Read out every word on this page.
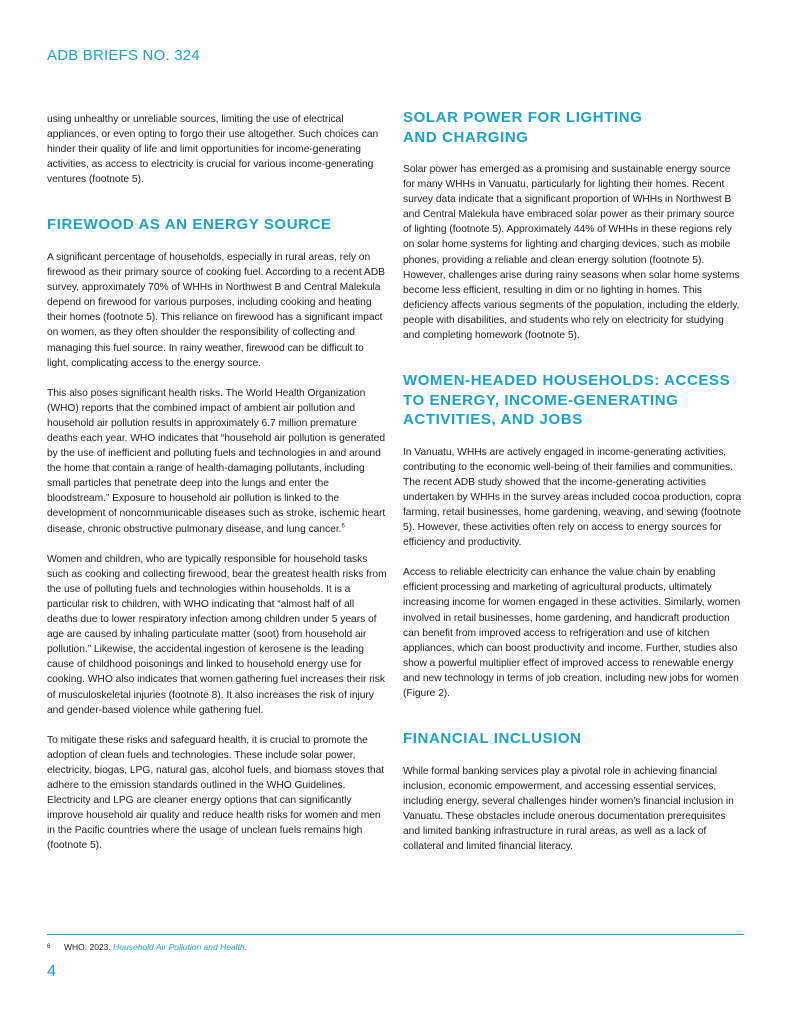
ADB BRIEFS NO. 324

using unhealthy or unreliable sources, limiting the use of electrical appliances, or even opting to forgo their use altogether. Such choices can hinder their quality of life and limit opportunities for income-generating activities, as access to electricity is crucial for various income-generating ventures (footnote 5).

FIREWOOD AS AN ENERGY SOURCE

A significant percentage of households, especially in rural areas, rely on firewood as their primary source of cooking fuel. According to a recent ADB survey, approximately 70% of WHHs in Northwest B and Central Malekula depend on firewood for various purposes, including cooking and heating their homes (footnote 5). This reliance on firewood has a significant impact on women, as they often shoulder the responsibility of collecting and managing this fuel source. In rainy weather, firewood can be difficult to light, complicating access to the energy source.

This also poses significant health risks. The World Health Organization (WHO) reports that the combined impact of ambient air pollution and household air pollution results in approximately 6.7 million premature deaths each year. WHO indicates that “household air pollution is generated by the use of inefficient and polluting fuels and technologies in and around the home that contain a range of health-damaging pollutants, including small particles that penetrate deep into the lungs and enter the bloodstream.” Exposure to household air pollution is linked to the development of noncommunicable diseases such as stroke, ischemic heart disease, chronic obstructive pulmonary disease, and lung cancer.$^6$

Women and children, who are typically responsible for household tasks such as cooking and collecting firewood, bear the greatest health risks from the use of polluting fuels and technologies within households. It is a particular risk to children, with WHO indicating that “almost half of all deaths due to lower respiratory infection among children under 5 years of age are caused by inhaling particulate matter (soot) from household air pollution.” Likewise, the accidental ingestion of kerosene is the leading cause of childhood poisonings and linked to household energy use for cooking. WHO also indicates that women gathering fuel increases their risk of musculoskeletal injuries (footnote 8). It also increases the risk of injury and gender-based violence while gathering fuel.

To mitigate these risks and safeguard health, it is crucial to promote the adoption of clean fuels and technologies. These include solar power, electricity, biogas, LPG, natural gas, alcohol fuels, and biomass stoves that adhere to the emission standards outlined in the WHO Guidelines. Electricity and LPG are cleaner energy options that can significantly improve household air quality and reduce health risks for women and men in the Pacific countries where the usage of unclean fuels remains high (footnote 5).

SOLAR POWER FOR LIGHTING
AND CHARGING

Solar power has emerged as a promising and sustainable energy source for many WHHs in Vanuatu, particularly for lighting their homes. Recent survey data indicate that a significant proportion of WHHs in Northwest B and Central Malekula have embraced solar power as their primary source of lighting (footnote 5). Approximately 44% of WHHs in these regions rely on solar home systems for lighting and charging devices, such as mobile phones, providing a reliable and clean energy solution (footnote 5). However, challenges arise during rainy seasons when solar home systems become less efficient, resulting in dim or no lighting in homes. This deficiency affects various segments of the population, including the elderly, people with disabilities, and students who rely on electricity for studying and completing homework (footnote 5).

WOMEN-HEADED HOUSEHOLDS: ACCESS
TO ENERGY, INCOME-GENERATING
ACTIVITIES, AND JOBS

In Vanuatu, WHHs are actively engaged in income-generating activities, contributing to the economic well-being of their families and communities. The recent ADB study showed that the income-generating activities undertaken by WHHs in the survey areas included cocoa production, copra farming, retail businesses, home gardening, weaving, and sewing (footnote 5). However, these activities often rely on access to energy sources for efficiency and productivity.

Access to reliable electricity can enhance the value chain by enabling efficient processing and marketing of agricultural products, ultimately increasing income for women engaged in these activities. Similarly, women involved in retail businesses, home gardening, and handicraft production can benefit from improved access to refrigeration and use of kitchen appliances, which can boost productivity and income. Further, studies also show a powerful multiplier effect of improved access to renewable energy and new technology in terms of job creation, including new jobs for women (Figure 2).

FINANCIAL INCLUSION

While formal banking services play a pivotal role in achieving financial inclusion, economic empowerment, and accessing essential services, including energy, several challenges hinder women’s financial inclusion in Vanuatu. These obstacles include onerous documentation prerequisites and limited banking infrastructure in rural areas, as well as a lack of collateral and limited financial literacy.

6 WHO. 2023. Household Air Pollution and Health.
4
